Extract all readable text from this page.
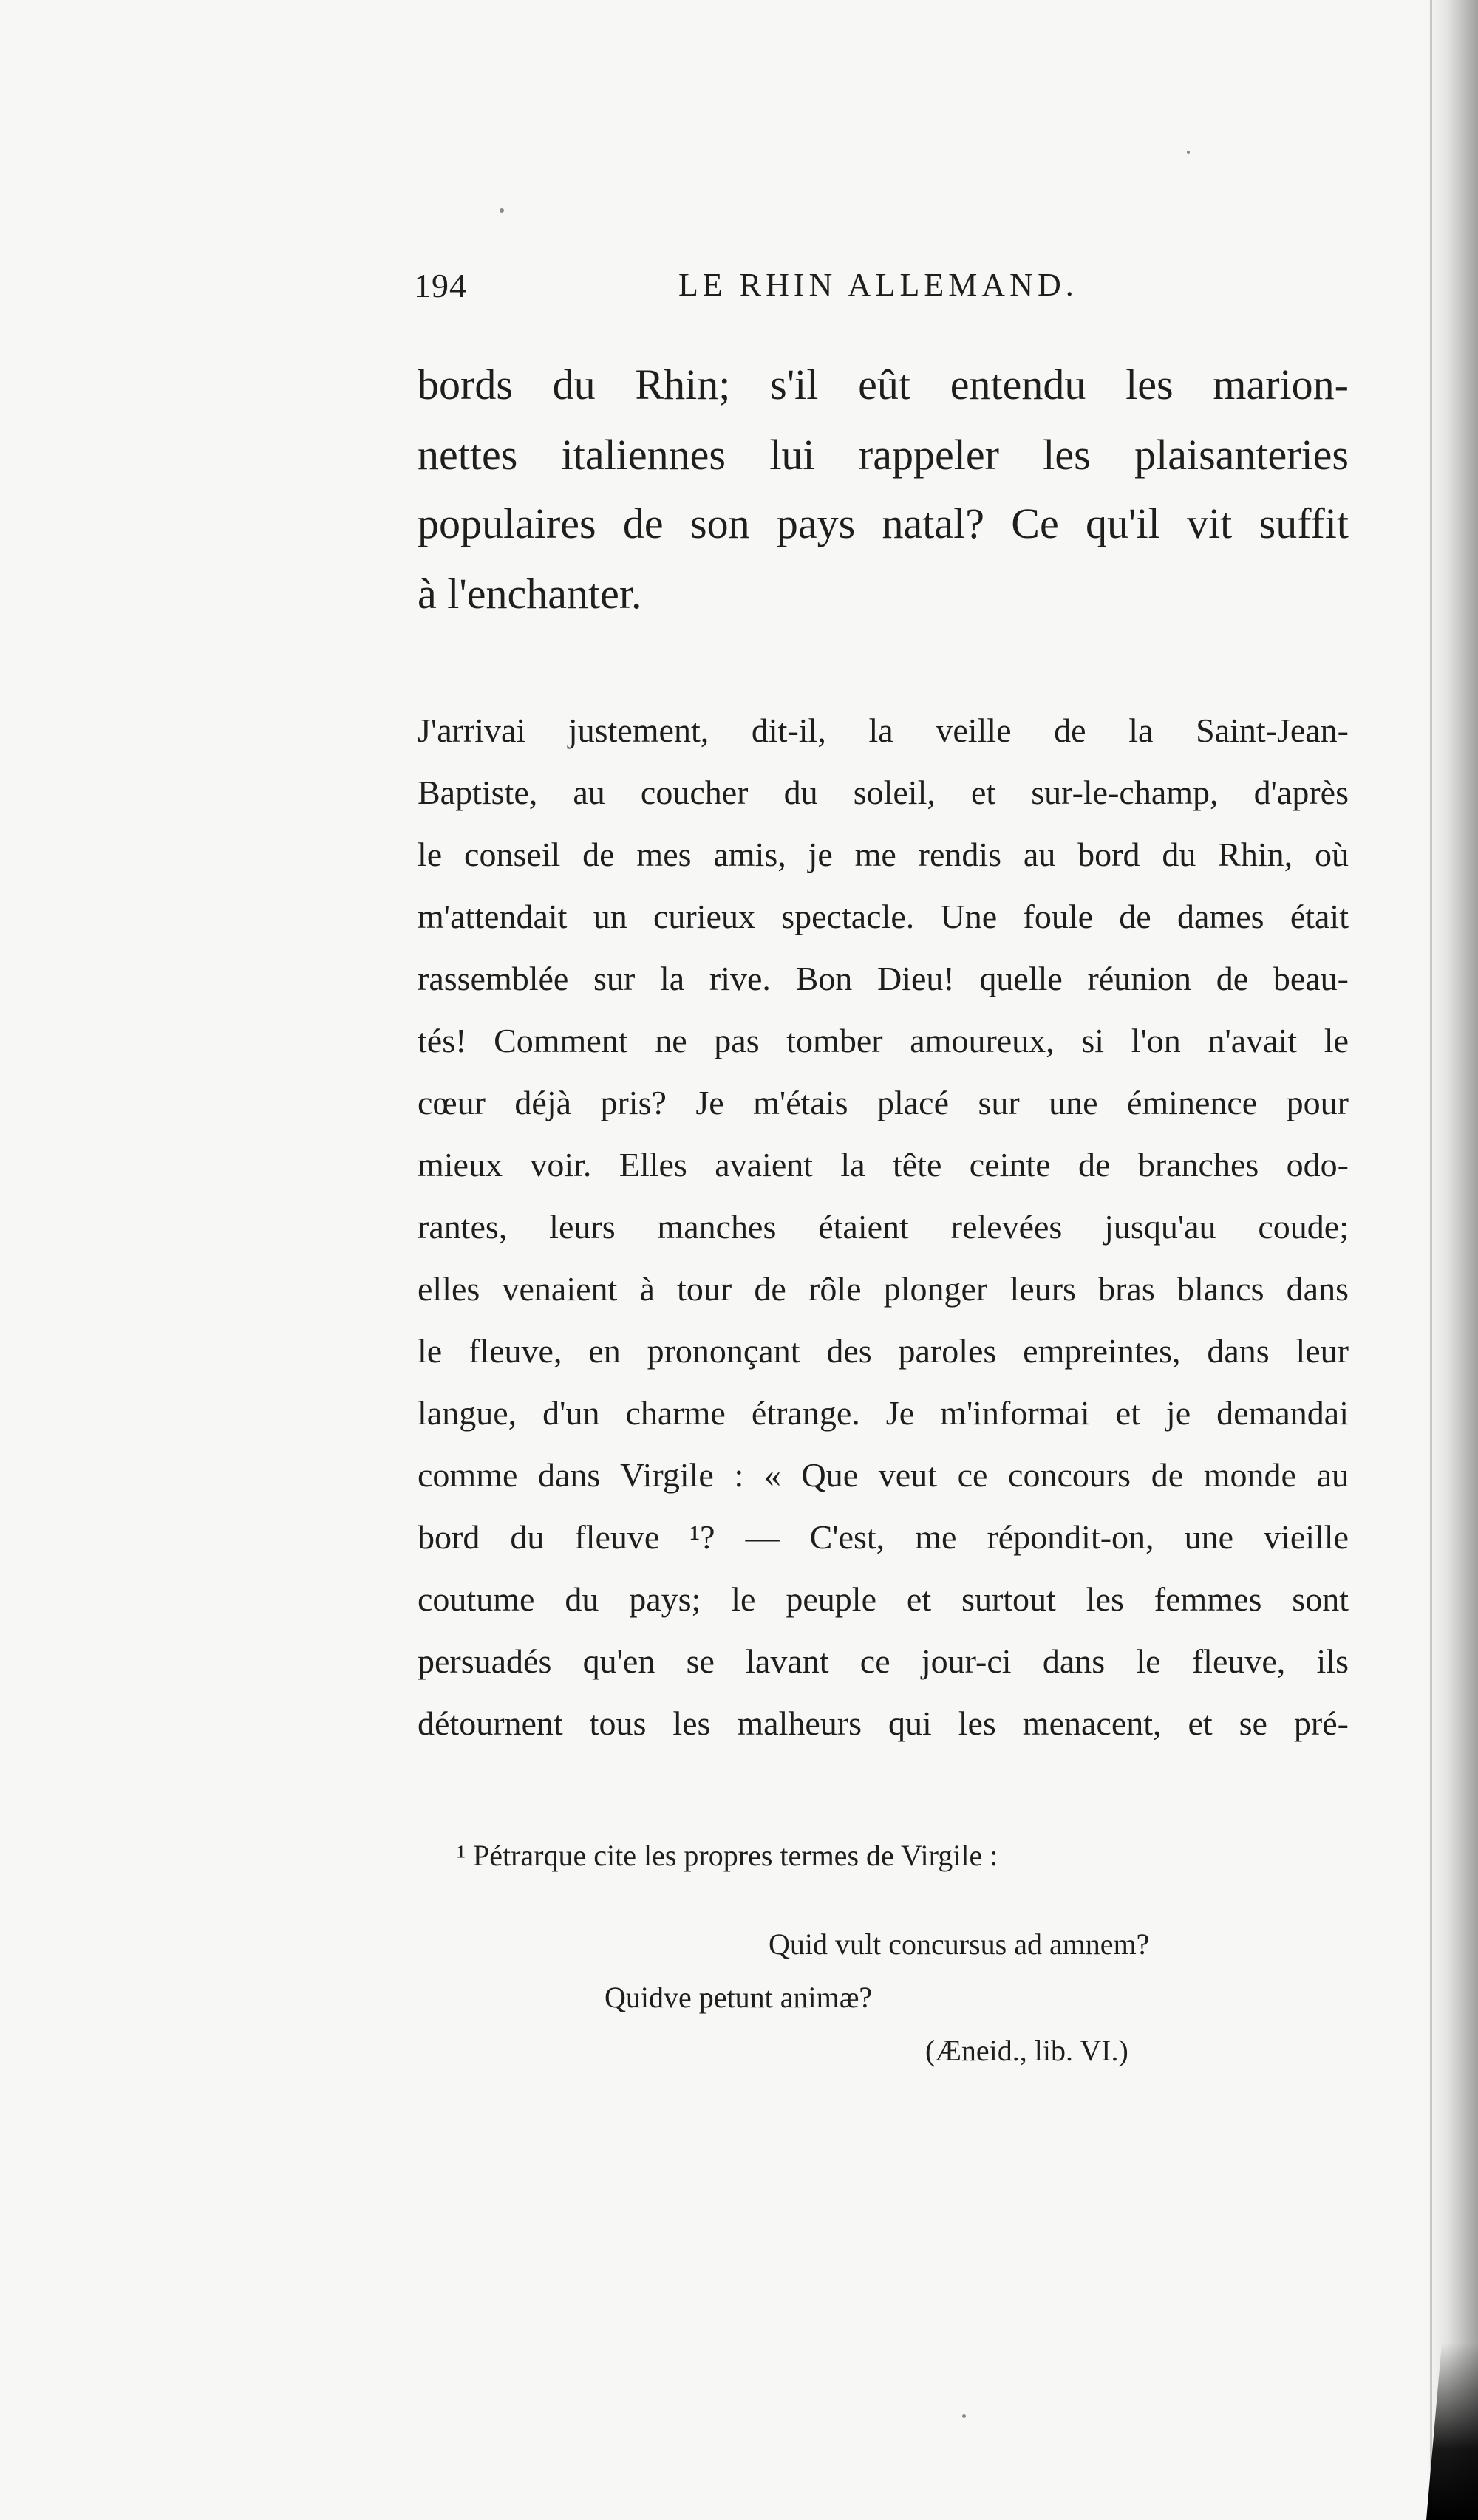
194	LE RHIN ALLEMAND.
bords du Rhin; s'il eût entendu les marion-
nettes italiennes lui rappeler les plaisanteries
populaires de son pays natal? Ce qu'il vit suffit
à l'enchanter.
J'arrivai justement, dit-il, la veille de la Saint-Jean-
Baptiste, au coucher du soleil, et sur-le-champ, d'après
le conseil de mes amis, je me rendis au bord du Rhin, où
m'attendait un curieux spectacle. Une foule de dames était
rassemblée sur la rive. Bon Dieu! quelle réunion de beau-
tés! Comment ne pas tomber amoureux, si l'on n'avait le
cœur déjà pris? Je m'étais placé sur une éminence pour
mieux voir. Elles avaient la tête ceinte de branches odo-
rantes, leurs manches étaient relevées jusqu'au coude;
elles venaient à tour de rôle plonger leurs bras blancs dans
le fleuve, en prononçant des paroles empreintes, dans leur
langue, d'un charme étrange. Je m'informai et je demandai
comme dans Virgile : « Que veut ce concours de monde au
bord du fleuve ¹? — C'est, me répondit-on, une vieille
coutume du pays; le peuple et surtout les femmes sont
persuadés qu'en se lavant ce jour-ci dans le fleuve, ils
détournent tous les malheurs qui les menacent, et se pré-
¹ Pétrarque cite les propres termes de Virgile :
Quid vult concursus ad amnem?
Quidve petunt animæ?
(Æneid., lib. VI.)
